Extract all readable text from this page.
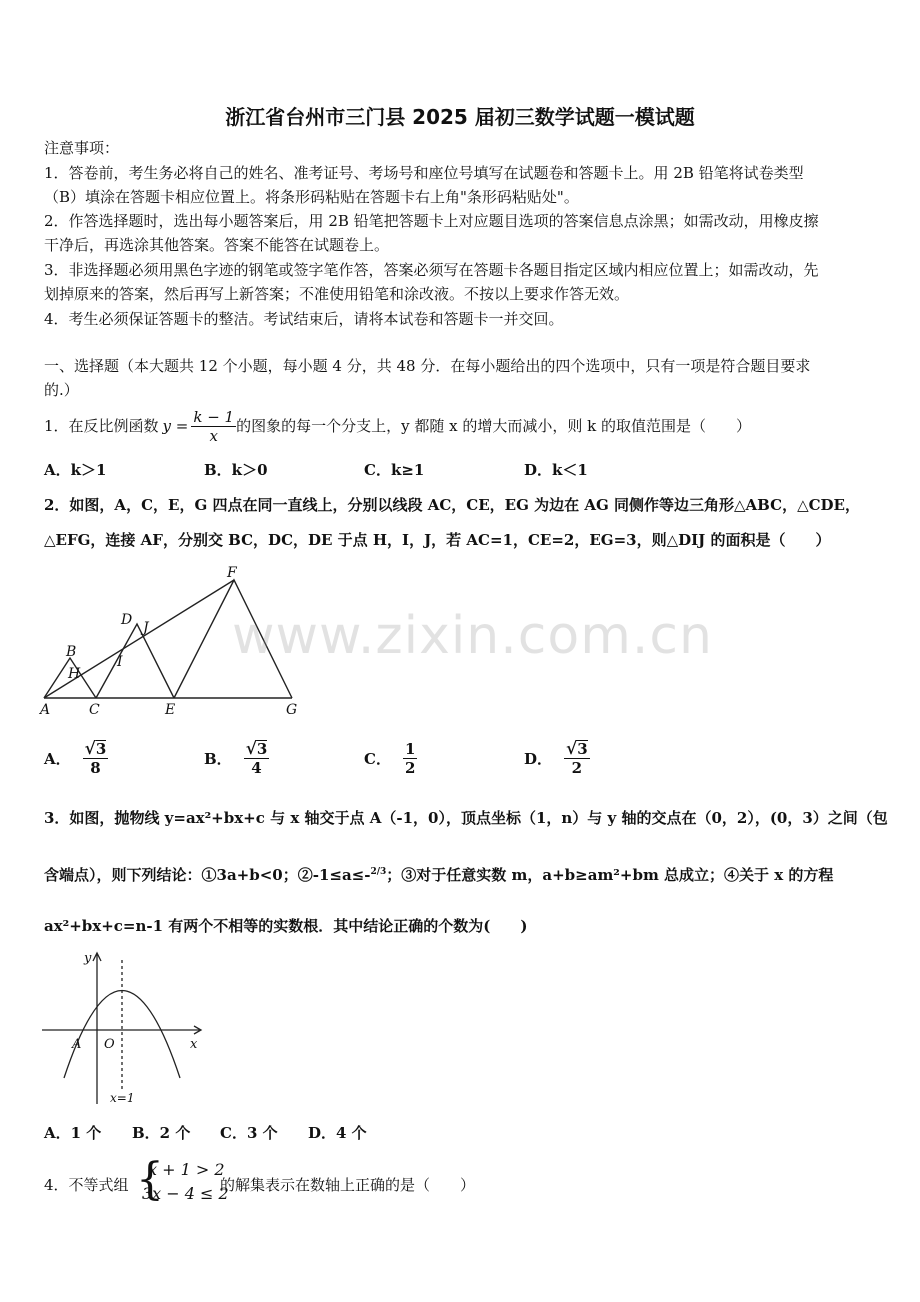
浙江省台州市三门县 2025 届初三数学试题一模试题
注意事项：
1．答卷前，考生务必将自己的姓名、准考证号、考场号和座位号填写在试题卷和答题卡上。用 2B 铅笔将试卷类型
（B）填涂在答题卡相应位置上。将条形码粘贴在答题卡右上角"条形码粘贴处"。
2．作答选择题时，选出每小题答案后，用 2B 铅笔把答题卡上对应题目选项的答案信息点涂黑；如需改动，用橡皮擦
干净后，再选涂其他答案。答案不能答在试题卷上。
3．非选择题必须用黑色字迹的钢笔或签字笔作答，答案必须写在答题卡各题目指定区域内相应位置上；如需改动，先
划掉原来的答案，然后再写上新答案；不准使用铅笔和涂改液。不按以上要求作答无效。
4．考生必须保证答题卡的整洁。考试结束后，请将本试卷和答题卡一并交回。
一、选择题（本大题共 12 个小题，每小题 4 分，共 48 分．在每小题给出的四个选项中，只有一项是符合题目要求
的.）
1．在反比例函数 $y = \frac{k - 1}{x}$ 的图象的每一个分支上，y 都随 x 的增大而减小，则 k 的取值范围是（　　）
A．k＞1	B．k＞0	C．k≥1	D．k＜1
2．如图，A，C，E，G 四点在同一直线上，分别以线段 AC，CE，EG 为边在 AG 同侧作等边三角形△ABC，△CDE，
△EFG，连接 AF，分别交 BC，DC，DE 于点 H，I，J，若 AC=1，CE=2，EG=3，则△DIJ 的面积是（　　）
A
B
C
D
E
F
G
H
I
J
A． $\frac{√ 3}{8}$	B． $\frac{√ 3}{4}$	C． $\frac{1}{2}$	D． $\frac{√ 3}{2}$
www.zixin.com.cn
3．如图，抛物线 y=ax²+bx+c 与 x 轴交于点 A（-1，0），顶点坐标（1，n）与 y 轴的交点在（0，2），(0，3）之间（包
含端点），则下列结论：①3a+b<0；②-1≤a≤-$^{2/3}$；③对于任意实数 m，a+b≥am²+bm 总成立；④关于 x 的方程
ax²+bx+c=n-1 有两个不相等的实数根．其中结论正确的个数为(　　)
y
x
O
A
x=1
A．1 个 B．2 个 C．3 个 D．4 个
4．不等式组 {
x + 1 > 2
3x − 4 ≤ 2
的解集表示在数轴上正确的是（　　）
